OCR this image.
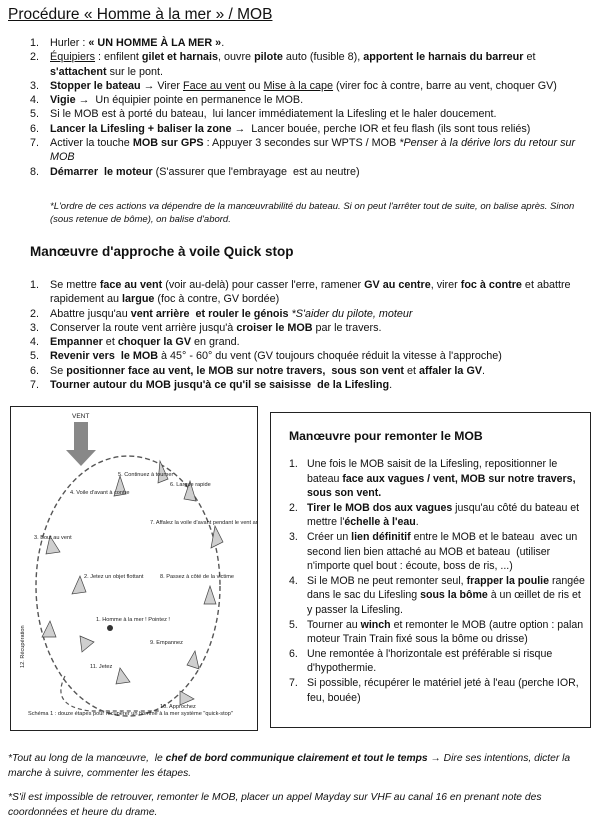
Procédure « Homme à la mer » / MOB
1. Hurler : « UN HOMME À LA MER ».
2. Équipiers : enfilent gilet et harnais, ouvre pilote auto (fusible 8), apportent le harnais du barreur et s'attachent sur le pont.
3. Stopper le bateau → Virer Face au vent ou Mise à la cape (virer foc à contre, barre au vent, choquer GV)
4. Vigie →  Un équipier pointe en permanence le MOB.
5. Si le MOB est à porté du bateau,  lui lancer immédiatement la Lifesling et le haler doucement.
6. Lancer la Lifesling + baliser la zone →  Lancer bouée, perche IOR et feu flash (ils sont tous reliés)
7. Activer la touche MOB sur GPS : Appuyer 3 secondes sur WPTS / MOB *Penser à la dérive lors du retour sur MOB
8. Démarrer  le moteur (S'assurer que l'embrayage  est au neutre)
*L'ordre de ces actions va dépendre de la manœuvrabilité du bateau. Si on peut l'arrêter tout de suite, on balise après. Sinon (sous retenue de bôme), on balise d'abord.
Manœuvre d'approche à voile Quick stop
1. Se mettre face au vent (voir au-delà) pour casser l'erre, ramener GV au centre, virer foc à contre et abattre rapidement au largue (foc à contre, GV bordée)
2. Abattre jusqu'au vent arrière  et rouler le génois *S'aider du pilote, moteur
3. Conserver la route vent arrière jusqu'à croiser le MOB par le travers.
4. Empanner et choquer la GV en grand.
5. Revenir vers  le MOB à 45° - 60° du vent (GV toujours choquée réduit la vitesse à l'approche)
6. Se positionner face au vent, le MOB sur notre travers,  sous son vent et affaler la GV.
7. Tourner autour du MOB jusqu'à ce qu'il se saisisse  de la Lifesling.
VENT
5. Continuez à tourner
6. Largue rapide
4. Voile d'avant à contre
7. Affalez la voile d'avant pendant le vent arrière
3. Bout au vent
2. Jetez un objet flottant	8. Passez à côté de la victime
1. Homme à la mer ! Pointez !
9. Empannez
11. Jetez
10. Approchez
12. Récupération
Schéma 1 : douze étapes pour récupérer un homme à la mer système "quick-stop"
Manœuvre pour remonter le MOB
1. Une fois le MOB saisit de la Lifesling, repositionner le bateau face aux vagues / vent, MOB sur notre travers, sous son vent.
2. Tirer le MOB dos aux vagues jusqu'au côté du bateau et mettre l'échelle à l'eau.
3. Créer un lien définitif entre le MOB et le bateau  avec un second lien bien attaché au MOB et bateau  (utiliser n'importe quel bout : écoute, boss de ris, ...)
4. Si le MOB ne peut remonter seul, frapper la poulie rangée dans le sac du Lifesling sous la bôme à un œillet de ris et y passer la Lifesling.
5. Tourner au winch et remonter le MOB (autre option : palan moteur Train Train fixé sous la bôme ou drisse)
6. Une remontée à l'horizontale est préférable si risque d'hypothermie.
7. Si possible, récupérer le matériel jeté à l'eau (perche IOR, feu, bouée)
*Tout au long de la manœuvre,  le chef de bord communique clairement et tout le temps → Dire ses intentions, dicter la marche à suivre, commenter les étapes.
*S'il est impossible de retrouver, remonter le MOB, placer un appel Mayday sur VHF au canal 16 en prenant note des coordonnées et heure du drame.
